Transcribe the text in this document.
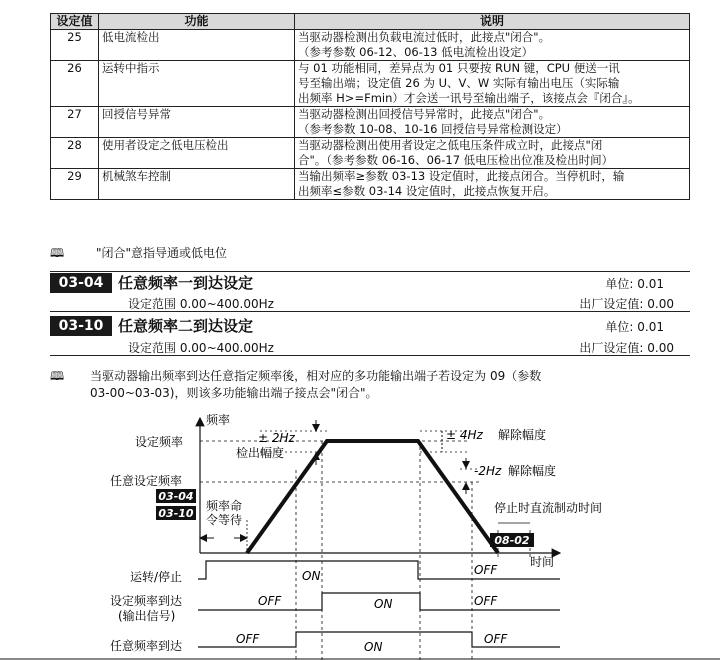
设定值	功能	说明
25	低电流检出	当驱动器检测出负载电流过低时，此接点"闭合"。
（参考参数 06-12、06-13 低电流检出设定）

26	运转中指示	与 01 功能相同，差异点为 01 只要按 RUN 键，CPU 便送一讯
号至输出端；设定值 26 为 U、V、W 实际有输出电压（实际输
出频率 H>=Fmin）才会送一讯号至输出端子，该接点会『闭合』。

27	回授信号异常	当驱动器检测出回授信号异常时，此接点"闭合"。
（参考参数 10-08、10-16 回授信号异常检测设定）

28	使用者设定之低电压检出	当驱动器检测出使用者设定之低电压条件成立时，此接点"闭
合"。（参考参数 06-16、06-17 低电压检出位准及检出时间）

29	机械煞车控制	当输出频率≥参数 03-13 设定值时，此接点闭合。当停机时，输
出频率≤参数 03-14 设定值时，此接点恢复开启。
🕮	"闭合"意指导通或低电位
03-04 任意频率一到达设定	单位: 0.01
设定范围 0.00~400.00Hz	出厂设定值: 0.00
03-10 任意频率二到达设定	单位: 0.01
设定范围 0.00~400.00Hz	出厂设定值: 0.00
🕮 当驱动器输出频率到达任意指定频率後，相对应的多功能输出端子若设定为 09（参数
03-00~03-03)，则该多功能输出端子接点会"闭合"。
频率
时间
设定频率
任意设定频率
03-04
03-10
± 2Hz
检出幅度
± 4Hz 解除幅度
-2Hz 解除幅度
频率命
令等待
停止时直流制动时间
08-02
运转/停止	ON	OFF
设定频率到达
(输出信号)
OFF	ON	OFF
任意频率到达	OFF
ON
OFF
